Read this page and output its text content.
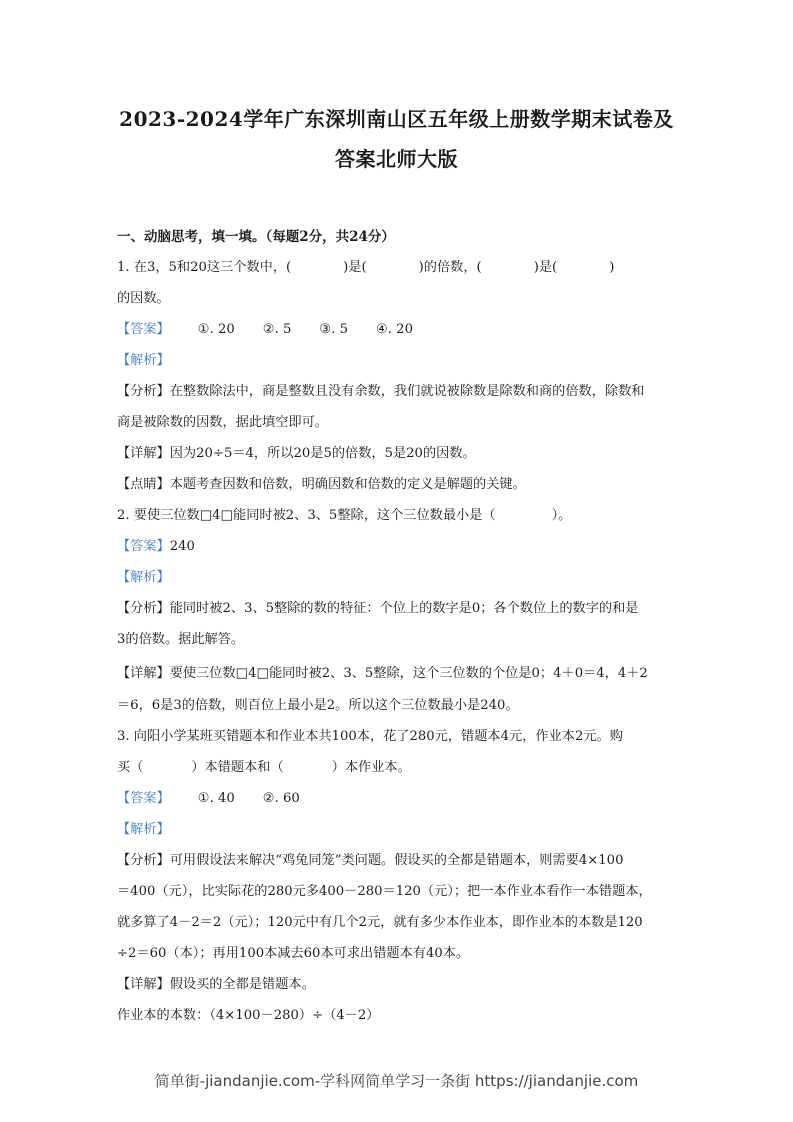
2023-2024学年广东深圳南山区五年级上册数学期末试卷及
答案北师大版
一、动脑思考，填一填。（每题2分，共24分）
1. 在3，5和20这三个数中，(	)是(	)的倍数，(	)是(	)
的因数。
【答案】 ①. 20 ②. 5 ③. 5 ④. 20
【解析】
【分析】在整数除法中，商是整数且没有余数，我们就说被除数是除数和商的倍数，除数和
商是被除数的因数，据此填空即可。
【详解】因为20÷5＝4，所以20是5的倍数，5是20的因数。
【点睛】本题考查因数和倍数，明确因数和倍数的定义是解题的关键。
2. 要使三位数□4□能同时被2、3、5整除，这个三位数最小是（	）。
【答案】240
【解析】
【分析】能同时被2、3、5整除的数的特征：个位上的数字是0；各个数位上的数字的和是
3的倍数。据此解答。
【详解】要使三位数□4□能同时被2、3、5整除，这个三位数的个位是0；4＋0＝4，4＋2
＝6，6是3的倍数，则百位上最小是2。所以这个三位数最小是240。
3. 向阳小学某班买错题本和作业本共100本，花了280元，错题本4元，作业本2元。购
买（	）本错题本和（	）本作业本。
【答案】 ①. 40 ②. 60
【解析】
【分析】可用假设法来解决“鸡兔同笼”类问题。假设买的全都是错题本，则需要4×100
＝400（元），比实际花的280元多400－280＝120（元）；把一本作业本看作一本错题本，
就多算了4－2＝2（元）；120元中有几个2元，就有多少本作业本，即作业本的本数是120
÷2＝60（本）；再用100本减去60本可求出错题本有40本。
【详解】假设买的全都是错题本。
作业本的本数：（4×100－280）÷（4－2）
简单街-jiandanjie.com-学科网简单学习一条街 https://jiandanjie.com
